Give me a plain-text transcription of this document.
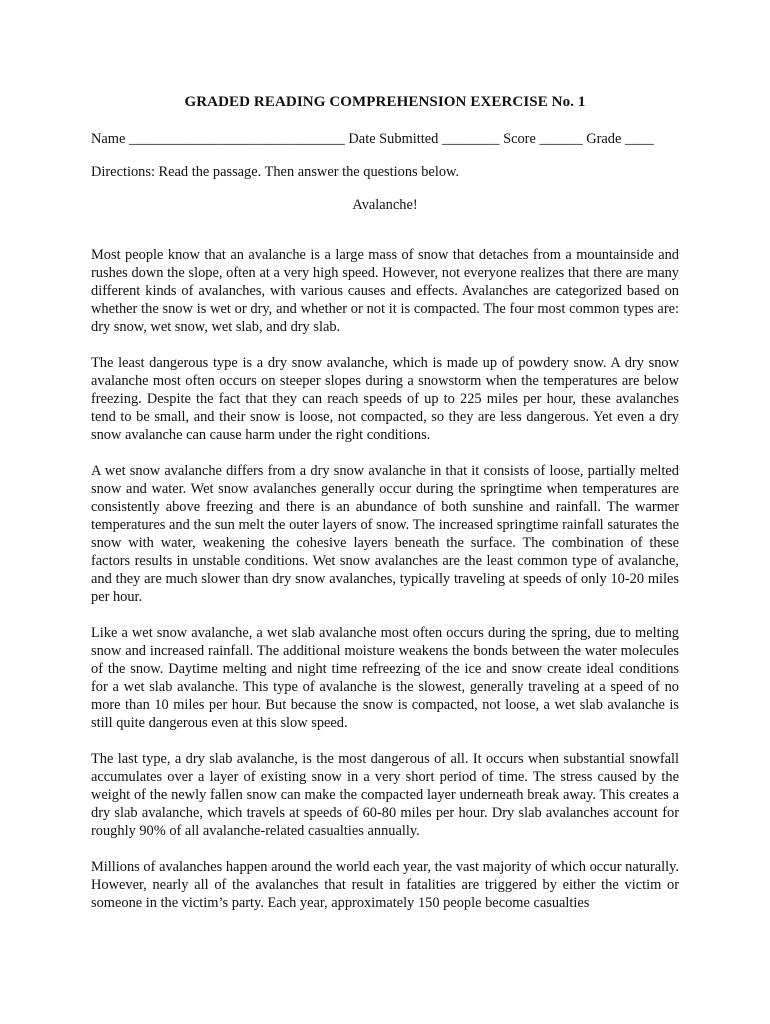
GRADED READING COMPREHENSION EXERCISE No. 1
Name ______________________________ Date Submitted ________ Score ______ Grade ____
Directions: Read the passage. Then answer the questions below.
Avalanche!

Most people know that an avalanche is a large mass of snow that detaches from a mountainside and rushes down the slope, often at a very high speed. However, not everyone realizes that there are many different kinds of avalanches, with various causes and effects. Avalanches are categorized based on whether the snow is wet or dry, and whether or not it is compacted. The four most common types are: dry snow, wet snow, wet slab, and dry slab.

The least dangerous type is a dry snow avalanche, which is made up of powdery snow. A dry snow avalanche most often occurs on steeper slopes during a snowstorm when the temperatures are below freezing. Despite the fact that they can reach speeds of up to 225 miles per hour, these avalanches tend to be small, and their snow is loose, not compacted, so they are less dangerous. Yet even a dry snow avalanche can cause harm under the right conditions.

A wet snow avalanche differs from a dry snow avalanche in that it consists of loose, partially melted snow and water. Wet snow avalanches generally occur during the springtime when temperatures are consistently above freezing and there is an abundance of both sunshine and rainfall. The warmer temperatures and the sun melt the outer layers of snow. The increased springtime rainfall saturates the snow with water, weakening the cohesive layers beneath the surface. The combination of these factors results in unstable conditions. Wet snow avalanches are the least common type of avalanche, and they are much slower than dry snow avalanches, typically traveling at speeds of only 10-20 miles per hour.

Like a wet snow avalanche, a wet slab avalanche most often occurs during the spring, due to melting snow and increased rainfall. The additional moisture weakens the bonds between the water molecules of the snow. Daytime melting and night time refreezing of the ice and snow create ideal conditions for a wet slab avalanche. This type of avalanche is the slowest, generally traveling at a speed of no more than 10 miles per hour. But because the snow is compacted, not loose, a wet slab avalanche is still quite dangerous even at this slow speed.

The last type, a dry slab avalanche, is the most dangerous of all. It occurs when substantial snowfall accumulates over a layer of existing snow in a very short period of time. The stress caused by the weight of the newly fallen snow can make the compacted layer underneath break away. This creates a dry slab avalanche, which travels at speeds of 60-80 miles per hour. Dry slab avalanches account for roughly 90% of all avalanche-related casualties annually.

Millions of avalanches happen around the world each year, the vast majority of which occur naturally. However, nearly all of the avalanches that result in fatalities are triggered by either the victim or someone in the victim’s party. Each year, approximately 150 people become casualties
